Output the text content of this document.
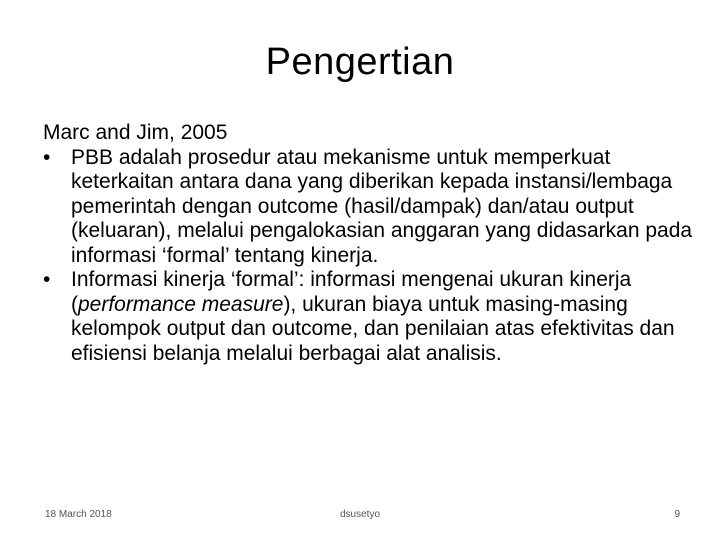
Pengertian

Marc and Jim, 2005

• PBB adalah prosedur atau mekanisme untuk memperkuat keterkaitan antara dana yang diberikan kepada instansi/lembaga pemerintah dengan outcome (hasil/dampak) dan/atau output (keluaran), melalui pengalokasian anggaran yang didasarkan pada informasi ‘formal’ tentang kinerja.
• Informasi kinerja ‘formal’: informasi mengenai ukuran kinerja (performance measure), ukuran biaya untuk masing-masing kelompok output dan outcome, dan penilaian atas efektivitas dan efisiensi belanja melalui berbagai alat analisis.
dsusetyo
18 March 2018	9
